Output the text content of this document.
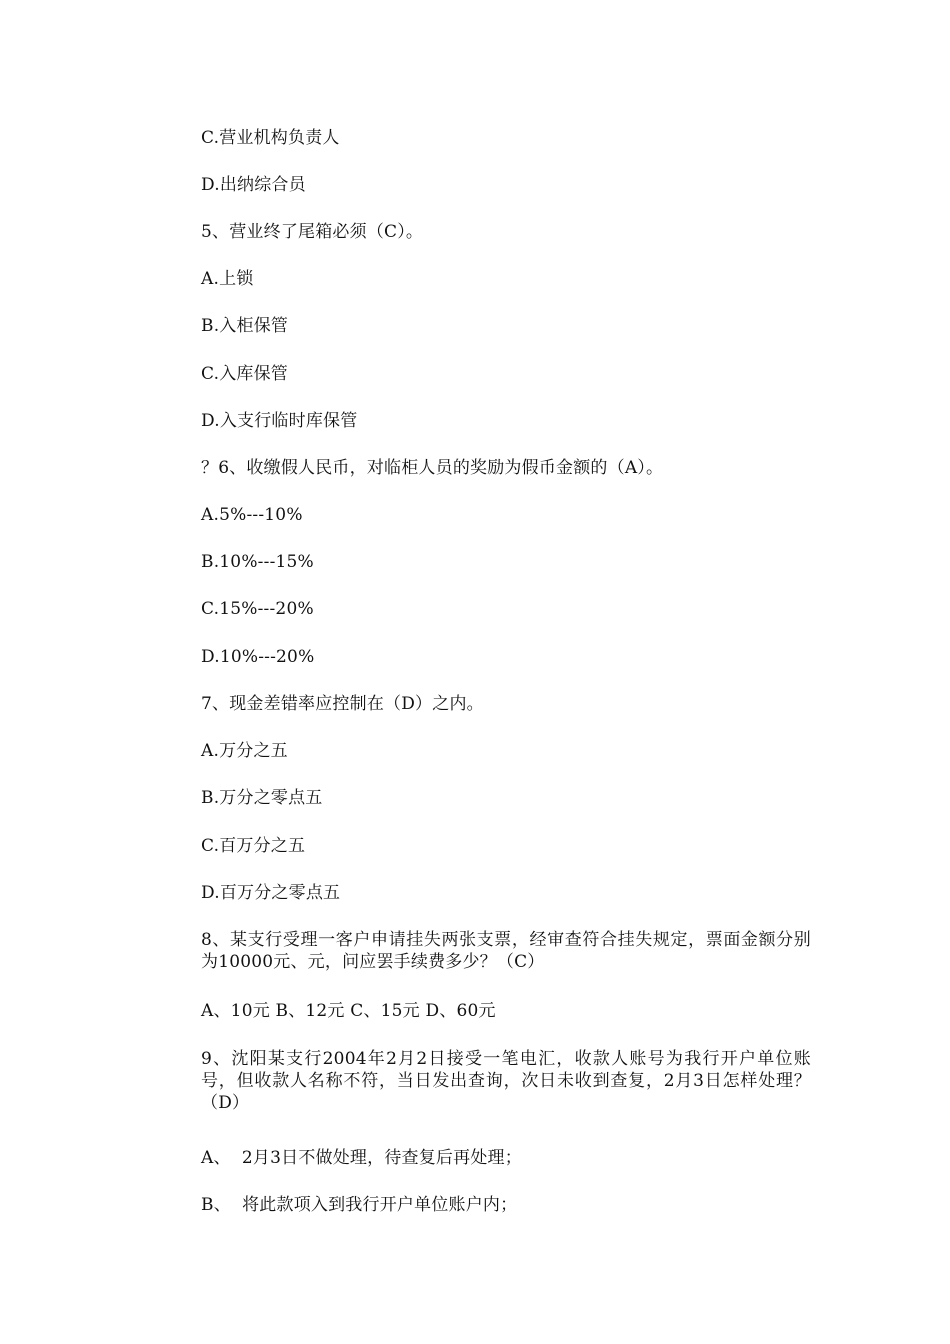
C.营业机构负责人
D.出纳综合员
5、营业终了尾箱必须（C）。
A.上锁
B.入柜保管
C.入库保管
D.入支行临时库保管
？6、收缴假人民币，对临柜人员的奖励为假币金额的（A）。
A.5%---10%
B.10%---15%
C.15%---20%
D.10%---20%
7、现金差错率应控制在（D）之内。
A.万分之五
B.万分之零点五
C.百万分之五
D.百万分之零点五
8、某支行受理一客户申请挂失两张支票，经审查符合挂失规定，票面金额分别为10000元、元，问应罢手续费多少？（C）
A、10元 B、12元 C、15元 D、60元
9、沈阳某支行2004年2月2日接受一笔电汇，收款人账号为我行开户单位账号，但收款人名称不符，当日发出查询，次日未收到查复，2月3日怎样处理？（D）
A、  2月3日不做处理，待查复后再处理；
B、  将此款项入到我行开户单位账户内；
